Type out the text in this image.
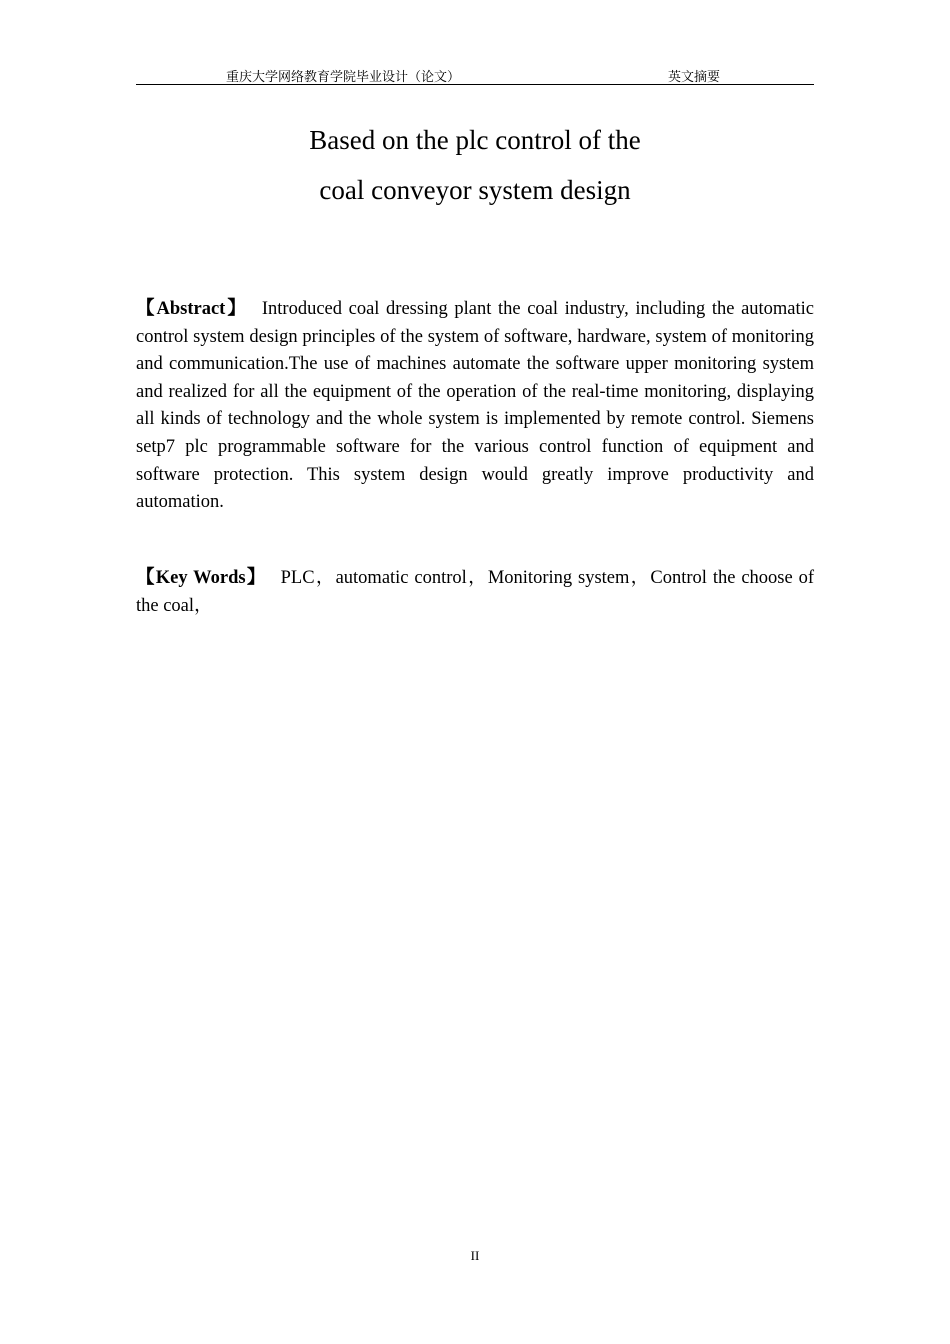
重庆大学网络教育学院毕业设计（论文）	英文摘要
Based on the plc control of the
coal conveyor system design
【Abstract】 Introduced coal dressing plant the coal industry, including the automatic control system design principles of the system of software, hardware, system of monitoring and communication.The use of machines automate the software upper monitoring system and realized for all the equipment of the operation of the real-time monitoring, displaying all kinds of technology and the whole system is implemented by remote control. Siemens setp7 plc programmable software for the various control function of equipment and software protection. This system design would greatly improve productivity and automation.
【Key Words】 PLC，automatic control，Monitoring system，Control the choose of the coal，
II
